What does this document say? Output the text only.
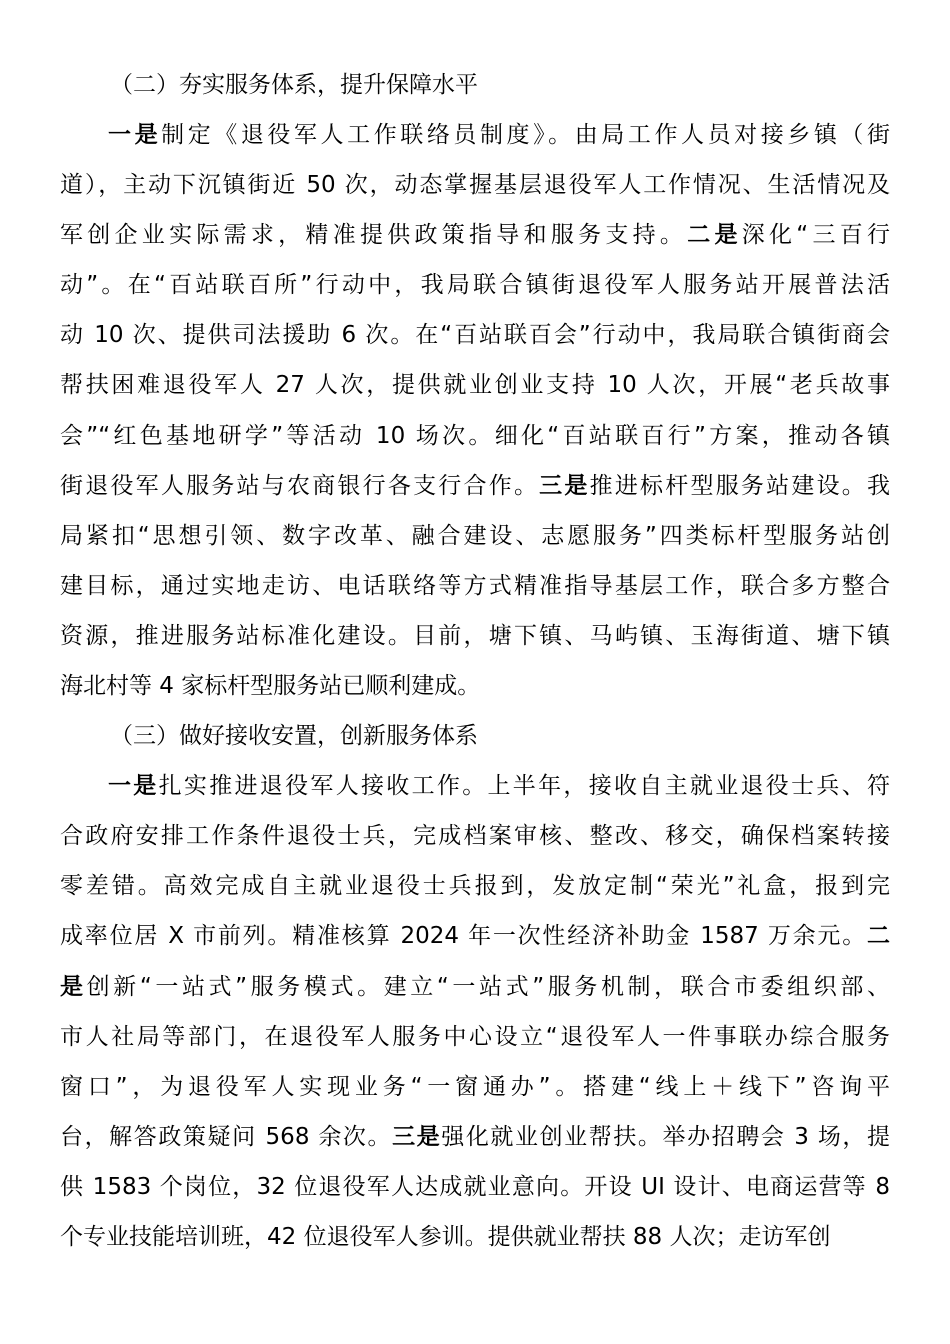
（二）夯实服务体系，提升保障水平

一是制定《退役军人工作联络员制度》。由局工作人员对接乡镇（街
道），主动下沉镇街近 50 次，动态掌握基层退役军人工作情况、生活情况及
军创企业实际需求，精准提供政策指导和服务支持。二是深化“三百行
动”。在“百站联百所”行动中，我局联合镇街退役军人服务站开展普法活
动 10 次、提供司法援助 6 次。在“百站联百会”行动中，我局联合镇街商会
帮扶困难退役军人 27 人次，提供就业创业支持 10 人次，开展“老兵故事
会”“红色基地研学”等活动 10 场次。细化“百站联百行”方案，推动各镇
街退役军人服务站与农商银行各支行合作。三是推进标杆型服务站建设。我
局紧扣“思想引领、数字改革、融合建设、志愿服务”四类标杆型服务站创
建目标，通过实地走访、电话联络等方式精准指导基层工作，联合多方整合
资源，推进服务站标准化建设。目前，塘下镇、马屿镇、玉海街道、塘下镇
海北村等 4 家标杆型服务站已顺利建成。

（三）做好接收安置，创新服务体系

一是扎实推进退役军人接收工作。上半年，接收自主就业退役士兵、符
合政府安排工作条件退役士兵，完成档案审核、整改、移交，确保档案转接
零差错。高效完成自主就业退役士兵报到，发放定制“荣光”礼盒，报到完
成率位居 X 市前列。精准核算 2024 年一次性经济补助金 1587 万余元。二
是创新“一站式”服务模式。建立“一站式”服务机制，联合市委组织部、
市人社局等部门，在退役军人服务中心设立“退役军人一件事联办综合服务
窗口”，为退役军人实现业务“一窗通办”。搭建“线上＋线下”咨询平
台，解答政策疑问 568 余次。三是强化就业创业帮扶。举办招聘会 3 场，提
供 1583 个岗位，32 位退役军人达成就业意向。开设 UI 设计、电商运营等 8
个专业技能培训班，42 位退役军人参训。提供就业帮扶 88 人次；走访军创
